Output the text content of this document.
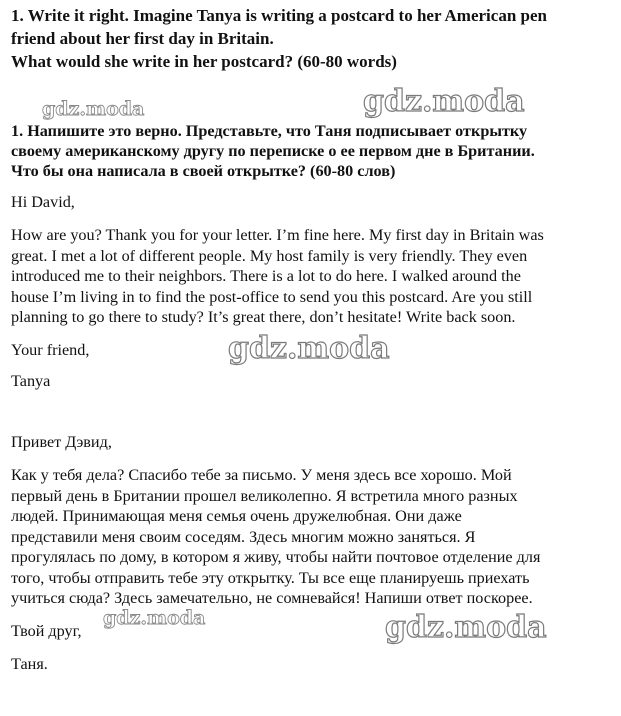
1. Write it right. Imagine Tanya is writing a postcard to her American pen
friend about her first day in Britain.
What would she write in her postcard? (60-80 words)
1. Напишите это верно. Представьте, что Таня подписывает открытку
своему американскому другу по переписке о ее первом дне в Британии.
Что бы она написала в своей открытке? (60-80 слов)
Hi David,
How are you? Thank you for your letter. I’m fine here. My first day in Britain was
great. I met a lot of different people. My host family is very friendly. They even
introduced me to their neighbors. There is a lot to do here. I walked around the
house I’m living in to find the post-office to send you this postcard. Are you still
planning to go there to study? It’s great there, don’t hesitate! Write back soon.
Your friend,
Tanya
Привет Дэвид,
Как у тебя дела? Спасибо тебе за письмо. У меня здесь все хорошо. Мой
первый день в Британии прошел великолепно. Я встретила много разных
людей. Принимающая меня семья очень дружелюбная. Они даже
представили меня своим соседям. Здесь многим можно заняться. Я
прогулялась по дому, в котором я живу, чтобы найти почтовое отделение для
того, чтобы отправить тебе эту открытку. Ты все еще планируешь приехать
учиться сюда? Здесь замечательно, не сомневайся! Напиши ответ поскорее.
Твой друг,
Таня.
gdz.moda	gdz.moda
gdz.moda
gdz.moda	gdz.moda
